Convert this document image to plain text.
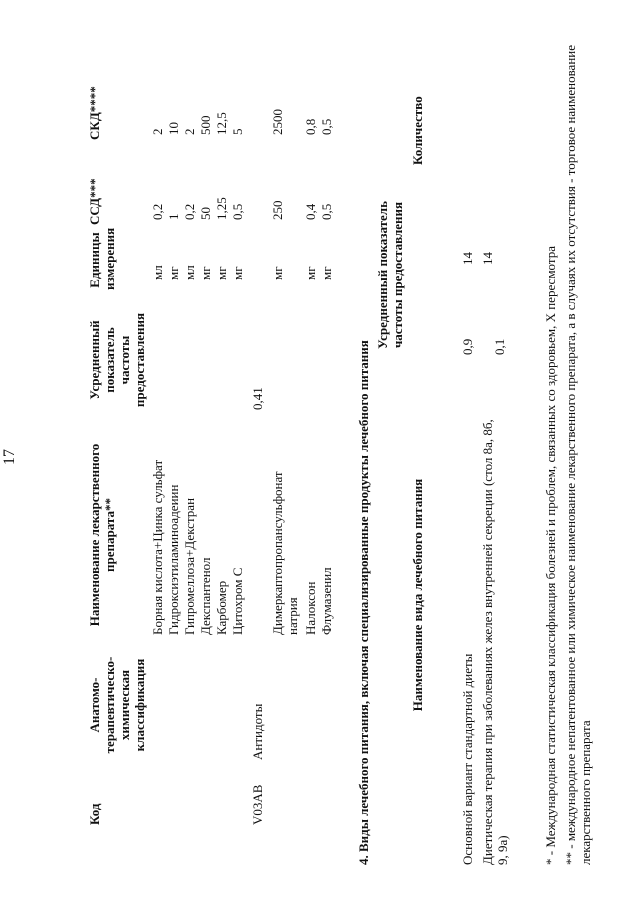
17
Код
Анатомо-терапевтическо-химическая классификация
Наименование лекарственного препарата**
Усредненный показатель частоты предоставления
Единицы измерения
ССД***
СКД****
Борная кислота+Цинка сульфат
мл
0,2
2
Гидроксиэтиламиноадеиин
мг
1
10
Гипромеллоза+Декстран
мл
0,2
2
Декспантенол
мг
50
500
Карбомер
мг
1,25
12,5
Цитохром С
мг
0,5
5
V03AB
Антидоты
0,41
Димеркаптопропансульфонат натрия
мг
250
2500
Налоксон
мг
0,4
0,8
Флумазенил
мг
0,5
0,5
4. Виды лечебного питания, включая специализированные продукты лечебного питания	Наименование вида лечебного питания
Усредненный показатель частоты предоставления
Количество
Основной вариант стандартной диеты
0,9
14
Диетическая терапия при заболеваниях желез внутренней секреции (стол 8а, 8б, 9, 9а)
0,1
14	* - Международная статистическая классификация болезней и проблем, связанных со здоровьем, X пересмотра ** - международное непатентованное или химическое наименование лекарственного препарата, а в случаях их отсутствия - торговое наименование лекарственного препарата
